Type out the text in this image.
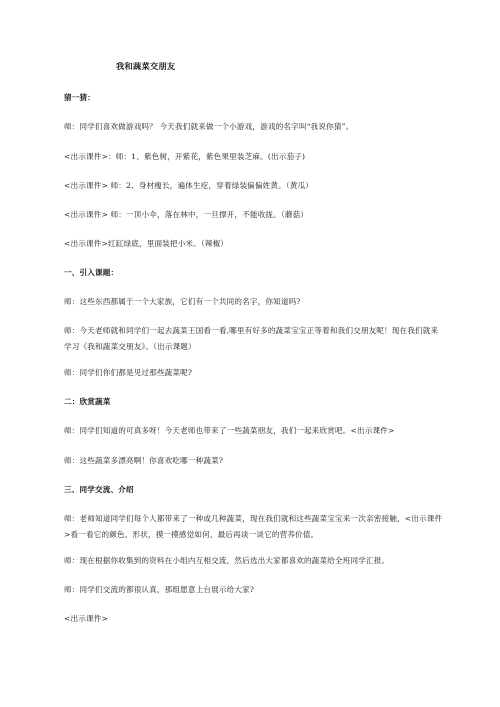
我和蔬菜交朋友
猜一猜：
师：同学们喜欢做游戏吗？ 今天我们就来做一个小游戏，游戏的名字叫“我说你猜”。
<出示课件>：师：1、紫色树，开紫花，紫色果里装芝麻。(出示茄子)
<出示课件> 师：2、身材瘦长，遍体生疙，穿着绿装偏偏姓黄。（黄瓜）
<出示课件> 师：一顶小伞，落在林中，一旦撑开，不能收拢。（蘑菇）
<出示课件>红缸绿底，里面装把小米。（辣椒）
一、引入课题：
师：这些东西都属于一个大家族，它们有一个共同的名字，你知道吗?
师：今天老师就和同学们一起去蔬菜王国看一看,哪里有好多的蔬菜宝宝正等着和我们交朋友呢！现在我们就来学习《我和蔬菜交朋友》。（出示课题）
师：同学们你们都是见过那些蔬菜呢?
二：欣赏蔬菜
师：同学们知道的可真多呀！今天老师也带来了一些蔬菜朋友，我们一起来欣赏吧。<出示课件>
师：这些蔬菜多漂亮啊！你喜欢吃哪一种蔬菜?
三、同学交流、介绍
师：老师知道同学们每个人都带来了一种或几种蔬菜，现在我们就和这些蔬菜宝宝来一次亲密接触，<出示课件>看一看它的颜色、形状，摸一摸感觉如何，最后再谈一谈它的营养价值。
师：现在根据你收集到的资料在小组内互相交流，然后选出大家都喜欢的蔬菜给全班同学汇报。
师：同学们交流的都很认真，那组愿意上台展示给大家?
<出示课件>
